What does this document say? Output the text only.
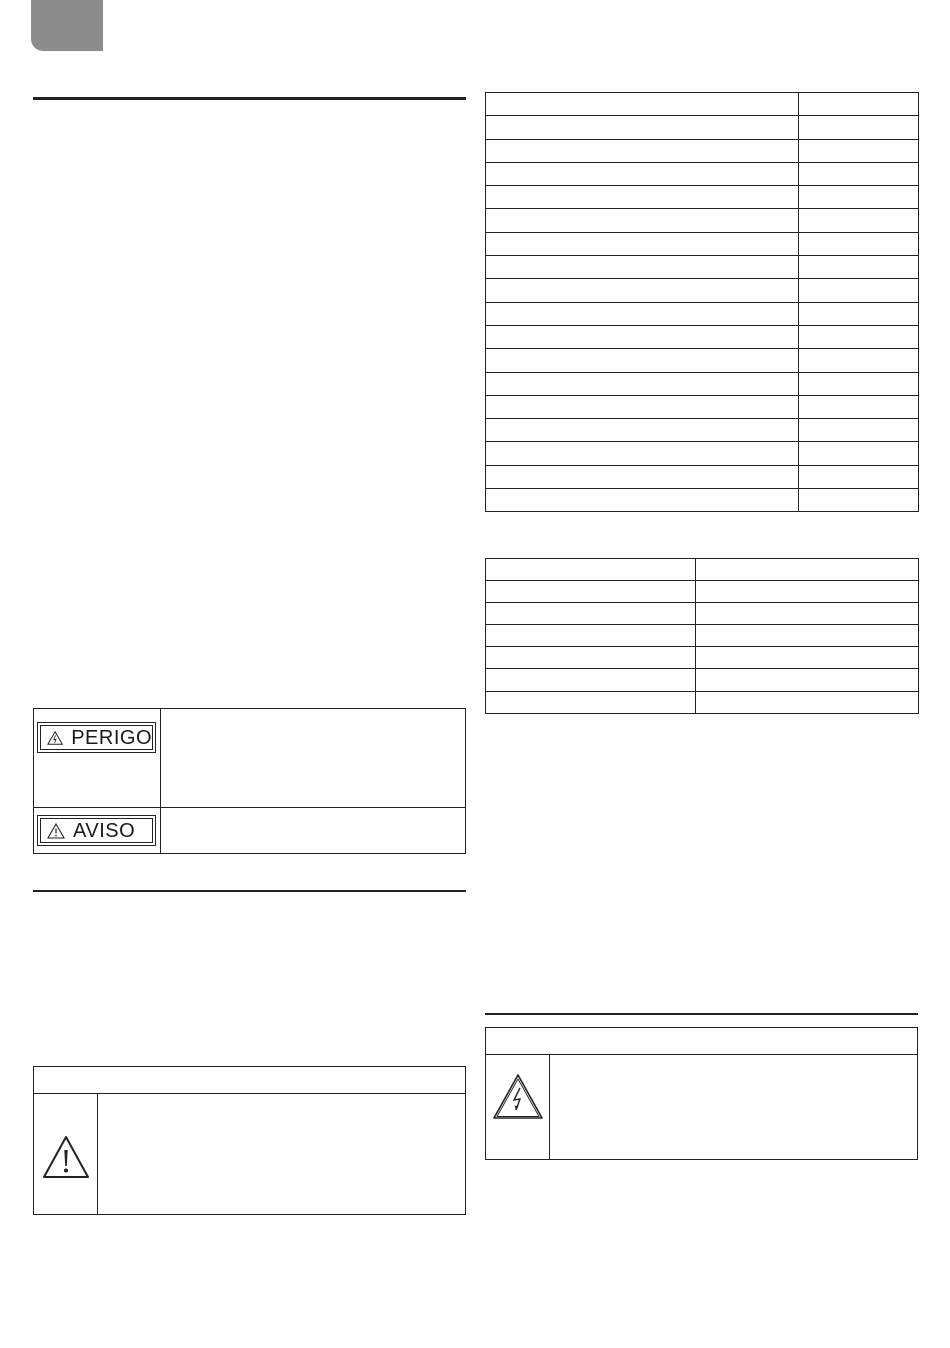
PERIGO
AVISO
